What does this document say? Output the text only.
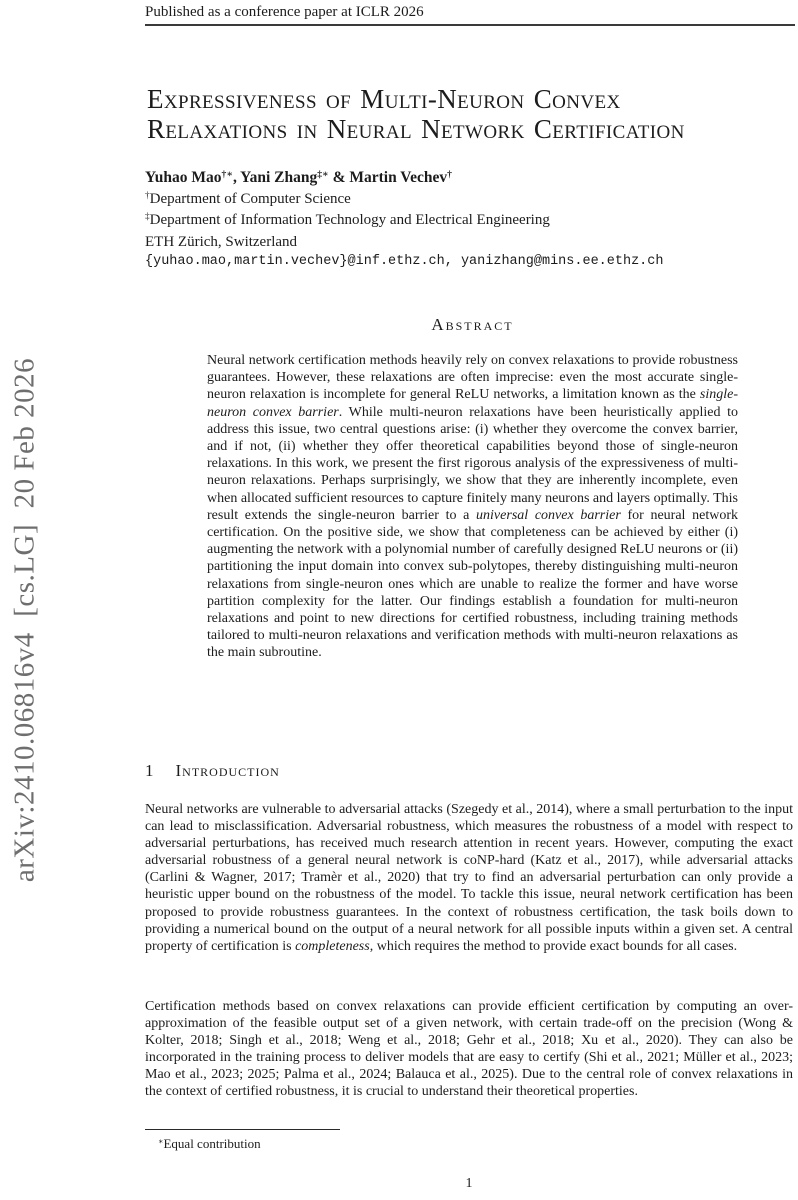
Published as a conference paper at ICLR 2026
arXiv:2410.06816v4  [cs.LG]  20 Feb 2026
Expressiveness of Multi-Neuron Convex
Relaxations in Neural Network Certification
Yuhao Mao†∗, Yani Zhang‡∗ & Martin Vechev†
†Department of Computer Science
‡Department of Information Technology and Electrical Engineering
ETH Zürich, Switzerland
{yuhao.mao,martin.vechev}@inf.ethz.ch, yanizhang@mins.ee.ethz.ch
Abstract
Neural network certification methods heavily rely on convex relaxations to provide robustness guarantees. However, these relaxations are often imprecise: even the most accurate single-neuron relaxation is incomplete for general ReLU networks, a limitation known as the single-neuron convex barrier. While multi-neuron relaxations have been heuristically applied to address this issue, two central questions arise: (i) whether they overcome the convex barrier, and if not, (ii) whether they offer theoretical capabilities beyond those of single-neuron relaxations. In this work, we present the first rigorous analysis of the expressiveness of multi-neuron relaxations. Perhaps surprisingly, we show that they are inherently incomplete, even when allocated sufficient resources to capture finitely many neurons and layers optimally. This result extends the single-neuron barrier to a universal convex barrier for neural network certification. On the positive side, we show that completeness can be achieved by either (i) augmenting the network with a polynomial number of carefully designed ReLU neurons or (ii) partitioning the input domain into convex sub-polytopes, thereby distinguishing multi-neuron relaxations from single-neuron ones which are unable to realize the former and have worse partition complexity for the latter. Our findings establish a foundation for multi-neuron relaxations and point to new directions for certified robustness, including training methods tailored to multi-neuron relaxations and verification methods with multi-neuron relaxations as the main subroutine.
1 Introduction
Neural networks are vulnerable to adversarial attacks (Szegedy et al., 2014), where a small perturbation to the input can lead to misclassification. Adversarial robustness, which measures the robustness of a model with respect to adversarial perturbations, has received much research attention in recent years. However, computing the exact adversarial robustness of a general neural network is coNP-hard (Katz et al., 2017), while adversarial attacks (Carlini & Wagner, 2017; Tramèr et al., 2020) that try to find an adversarial perturbation can only provide a heuristic upper bound on the robustness of the model. To tackle this issue, neural network certification has been proposed to provide robustness guarantees. In the context of robustness certification, the task boils down to providing a numerical bound on the output of a neural network for all possible inputs within a given set. A central property of certification is completeness, which requires the method to provide exact bounds for all cases.
Certification methods based on convex relaxations can provide efficient certification by computing an over-approximation of the feasible output set of a given network, with certain trade-off on the precision (Wong & Kolter, 2018; Singh et al., 2018; Weng et al., 2018; Gehr et al., 2018; Xu et al., 2020). They can also be incorporated in the training process to deliver models that are easy to certify (Shi et al., 2021; Müller et al., 2023; Mao et al., 2023; 2025; Palma et al., 2024; Balauca et al., 2025). Due to the central role of convex relaxations in the context of certified robustness, it is crucial to understand their theoretical properties.
∗Equal contribution
1
